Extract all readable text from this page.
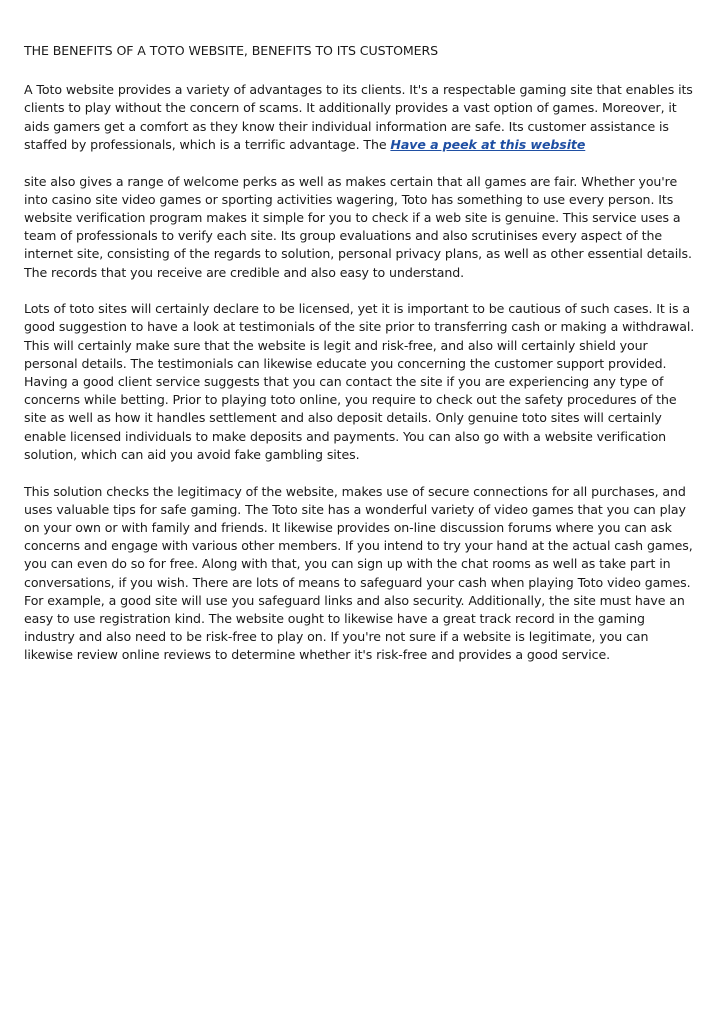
THE BENEFITS OF A TOTO WEBSITE, BENEFITS TO ITS CUSTOMERS

A Toto website provides a variety of advantages to its clients. It's a respectable gaming site that enables its clients to play without the concern of scams. It additionally provides a vast option of games. Moreover, it aids gamers get a comfort as they know their individual information are safe. Its customer assistance is staffed by professionals, which is a terrific advantage. The Have a peek at this website

site also gives a range of welcome perks as well as makes certain that all games are fair. Whether you're into casino site video games or sporting activities wagering, Toto has something to use every person. Its website verification program makes it simple for you to check if a web site is genuine. This service uses a team of professionals to verify each site. Its group evaluations and also scrutinises every aspect of the internet site, consisting of the regards to solution, personal privacy plans, as well as other essential details. The records that you receive are credible and also easy to understand.

Lots of toto sites will certainly declare to be licensed, yet it is important to be cautious of such cases. It is a good suggestion to have a look at testimonials of the site prior to transferring cash or making a withdrawal. This will certainly make sure that the website is legit and risk-free, and also will certainly shield your personal details. The testimonials can likewise educate you concerning the customer support provided. Having a good client service suggests that you can contact the site if you are experiencing any type of concerns while betting. Prior to playing toto online, you require to check out the safety procedures of the site as well as how it handles settlement and also deposit details. Only genuine toto sites will certainly enable licensed individuals to make deposits and payments. You can also go with a website verification solution, which can aid you avoid fake gambling sites.

This solution checks the legitimacy of the website, makes use of secure connections for all purchases, and uses valuable tips for safe gaming. The Toto site has a wonderful variety of video games that you can play on your own or with family and friends. It likewise provides on-line discussion forums where you can ask concerns and engage with various other members. If you intend to try your hand at the actual cash games, you can even do so for free. Along with that, you can sign up with the chat rooms as well as take part in conversations, if you wish. There are lots of means to safeguard your cash when playing Toto video games. For example, a good site will use you safeguard links and also security. Additionally, the site must have an easy to use registration kind. The website ought to likewise have a great track record in the gaming industry and also need to be risk-free to play on. If you're not sure if a website is legitimate, you can likewise review online reviews to determine whether it's risk-free and provides a good service.
